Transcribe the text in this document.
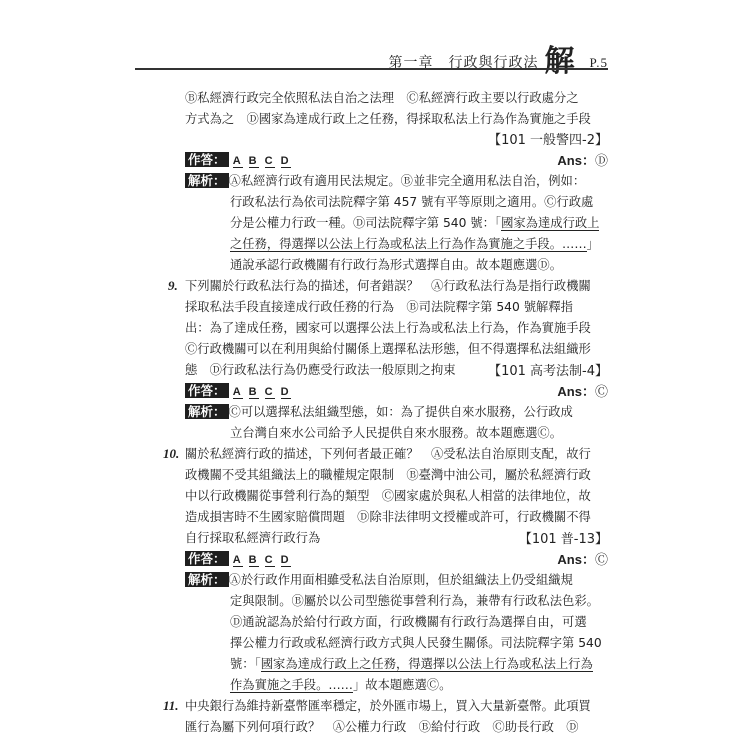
第一章　行政與行政法 解 P.5
Ⓑ私經濟行政完全依照私法自治之法理　Ⓒ私經濟行政主要以行政處分之
方式為之　Ⓓ國家為達成行政上之任務，得採取私法上行為作為實施之手段
【101 一般警四-2】
作答： A B C D	Ans：Ⓓ
解析： Ⓐ私經濟行政有適用民法規定。Ⓑ並非完全適用私法自治，例如：
行政私法行為依司法院釋字第 457 號有平等原則之適用。Ⓒ行政處
分是公權力行政一種。Ⓓ司法院釋字第 540 號：「國家為達成行政上
之任務，得選擇以公法上行為或私法上行為作為實施之手段。……」
通說承認行政機關有行政行為形式選擇自由。故本題應選Ⓓ。
9. 下列關於行政私法行為的描述，何者錯誤？　Ⓐ行政私法行為是指行政機關
採取私法手段直接達成行政任務的行為　Ⓑ司法院釋字第 540 號解釋指
出：為了達成任務，國家可以選擇公法上行為或私法上行為，作為實施手段
Ⓒ行政機關可以在利用與給付關係上選擇私法形態，但不得選擇私法組織形
態　Ⓓ行政私法行為仍應受行政法一般原則之拘束	【101 高考法制-4】
作答： A B C D	Ans：Ⓒ
解析： Ⓒ可以選擇私法組織型態，如：為了提供自來水服務，公行政成
立台灣自來水公司給予人民提供自來水服務。故本題應選Ⓒ。
10. 關於私經濟行政的描述，下列何者最正確？　Ⓐ受私法自治原則支配，故行
政機關不受其組織法上的職權規定限制　Ⓑ臺灣中油公司，屬於私經濟行政
中以行政機關從事營利行為的類型　Ⓒ國家處於與私人相當的法律地位，故
造成損害時不生國家賠償問題　Ⓓ除非法律明文授權或許可，行政機關不得
自行採取私經濟行政行為	【101 普-13】
作答： A B C D	Ans：Ⓒ
解析： Ⓐ於行政作用面相雖受私法自治原則，但於組織法上仍受組織規
定與限制。Ⓑ屬於以公司型態從事營利行為，兼帶有行政私法色彩。
Ⓓ通說認為於給付行政方面，行政機關有行政行為選擇自由，可選
擇公權力行政或私經濟行政方式與人民發生關係。司法院釋字第 540
號：「國家為達成行政上之任務，得選擇以公法上行為或私法上行為
作為實施之手段。……」故本題應選Ⓒ。
11. 中央銀行為維持新臺幣匯率穩定，於外匯市場上，買入大量新臺幣。此項買
匯行為屬下列何項行政？　Ⓐ公權力行政　Ⓑ給付行政　Ⓒ助長行政　Ⓓ
